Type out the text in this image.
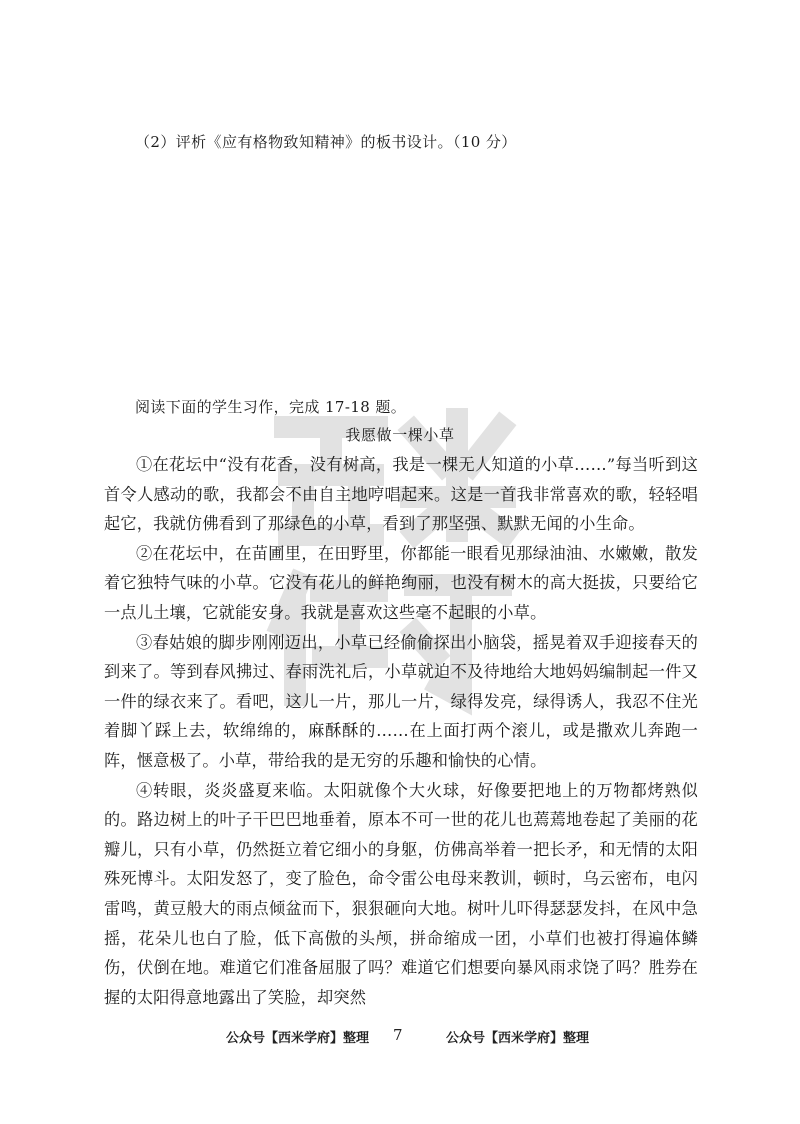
（2）评析《应有格物致知精神》的板书设计。（10 分）
阅读下面的学生习作，完成 17-18 题。
我愿做一棵小草

①在花坛中“没有花香，没有树高，我是一棵无人知道的小草……”每当听到这首令人感动的歌，我都会不由自主地哼唱起来。这是一首我非常喜欢的歌，轻轻唱起它，我就仿佛看到了那绿色的小草，看到了那坚强、默默无闻的小生命。

②在花坛中，在苗圃里，在田野里，你都能一眼看见那绿油油、水嫩嫩，散发着它独特气味的小草。它没有花儿的鲜艳绚丽，也没有树木的高大挺拔，只要给它一点儿土壤，它就能安身。我就是喜欢这些毫不起眼的小草。

③春姑娘的脚步刚刚迈出，小草已经偷偷探出小脑袋，摇晃着双手迎接春天的到来了。等到春风拂过、春雨洗礼后，小草就迫不及待地给大地妈妈编制起一件又一件的绿衣来了。看吧，这儿一片，那儿一片，绿得发亮，绿得诱人，我忍不住光着脚丫踩上去，软绵绵的，麻酥酥的……在上面打两个滚儿，或是撒欢儿奔跑一阵，惬意极了。小草，带给我的是无穷的乐趣和愉快的心情。

④转眼，炎炎盛夏来临。太阳就像个大火球，好像要把地上的万物都烤熟似的。路边树上的叶子干巴巴地垂着，原本不可一世的花儿也蔫蔫地卷起了美丽的花瓣儿，只有小草，仍然挺立着它细小的身躯，仿佛高举着一把长矛，和无情的太阳殊死博斗。太阳发怒了，变了脸色，命令雷公电母来教训，顿时，乌云密布，电闪雷鸣，黄豆般大的雨点倾盆而下，狠狠砸向大地。树叶儿吓得瑟瑟发抖，在风中急摇，花朵儿也白了脸，低下高傲的头颅，拼命缩成一团，小草们也被打得遍体鳞伤，伏倒在地。难道它们准备屈服了吗？难道它们想要向暴风雨求饶了吗？胜券在握的太阳得意地露出了笑脸，却突然

公众号【西米学府】整理 7	公众号【西米学府】整理
